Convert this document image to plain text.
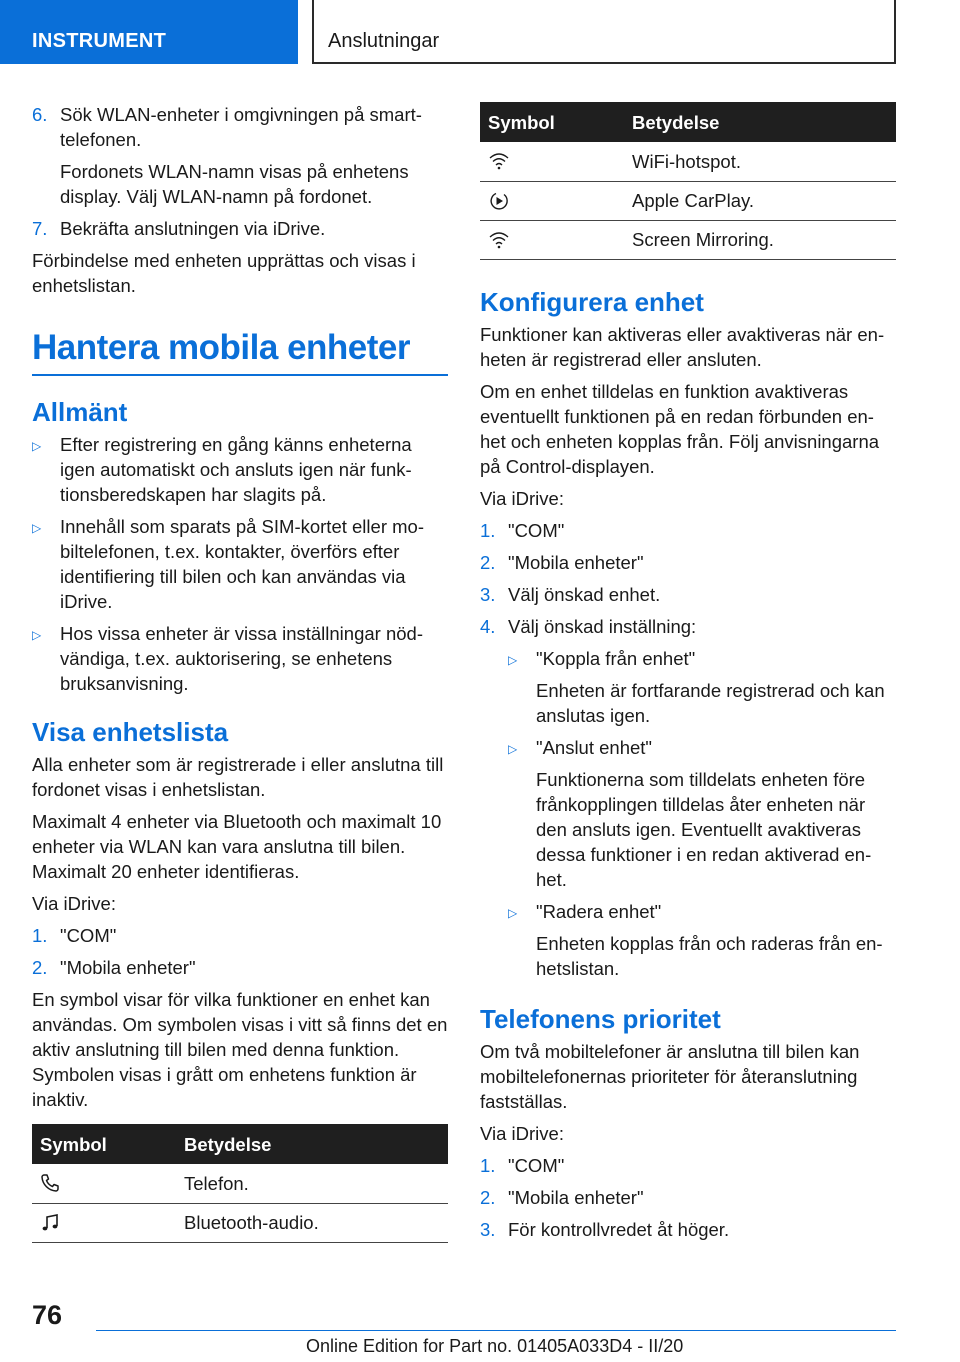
INSTRUMENT	Anslutningar
6. Sök WLAN-enheter i omgivningen på smart-telefonen.

Fordonets WLAN-namn visas på enhetens display. Välj WLAN-namn på fordonet.

7. Bekräfta anslutningen via iDrive.

Förbindelse med enheten upprättas och visas i enhetslistan.

Hantera mobila enheter
Allmänt
▷	Efter registrering en gång känns enheterna igen automatiskt och ansluts igen när funk-tionsberedskapen har slagits på.

▷	Innehåll som sparats på SIM-kortet eller mo-biltelefonen, t.ex. kontakter, överförs efter identifiering till bilen och kan användas via iDrive.

▷	Hos vissa enheter är vissa inställningar nöd-vändiga, t.ex. auktorisering, se enhetens bruksanvisning.

Visa enhetslista

Alla enheter som är registrerade i eller anslutna till fordonet visas i enhetslistan.

Maximalt 4 enheter via Bluetooth och maximalt 10 enheter via WLAN kan vara anslutna till bilen. Maximalt 20 enheter identifieras.

Via iDrive:

1. "COM"

2. "Mobila enheter"

En symbol visar för vilka funktioner en enhet kan användas. Om symbolen visas i vitt så finns det en aktiv anslutning till bilen med denna funktion. Symbolen visas i grått om enhetens funktion är inaktiv.

Symbol	Betydelse

	Telefon.

	Bluetooth-audio.
Symbol	Betydelse

	WiFi-hotspot.

	Apple CarPlay.

	Screen Mirroring.
Konfigurera enhet

Funktioner kan aktiveras eller avaktiveras när en-heten är registrerad eller ansluten.

Om en enhet tilldelas en funktion avaktiveras eventuellt funktionen på en redan förbunden en-het och enheten kopplas från. Följ anvisningarna på Control-displayen.

Via iDrive:

1. "COM"

2. "Mobila enheter"

3. Välj önskad enhet.

4. Välj önskad inställning:

▷	"Koppla från enhet"

Enheten är fortfarande registrerad och kan anslutas igen.

▷	"Anslut enhet"

Funktionerna som tilldelats enheten före frånkopplingen tilldelas åter enheten när den ansluts igen. Eventuellt avaktiveras dessa funktioner i en redan aktiverad en-het.

▷	"Radera enhet"

Enheten kopplas från och raderas från en-hetslistan.

Telefonens prioritet

Om två mobiltelefoner är anslutna till bilen kan mobiltelefonernas prioriteter för återanslutning fastställas.

Via iDrive:

1. "COM"

2. "Mobila enheter"

3. För kontrollvredet åt höger.

76
Online Edition for Part no. 01405A033D4 - II/20
